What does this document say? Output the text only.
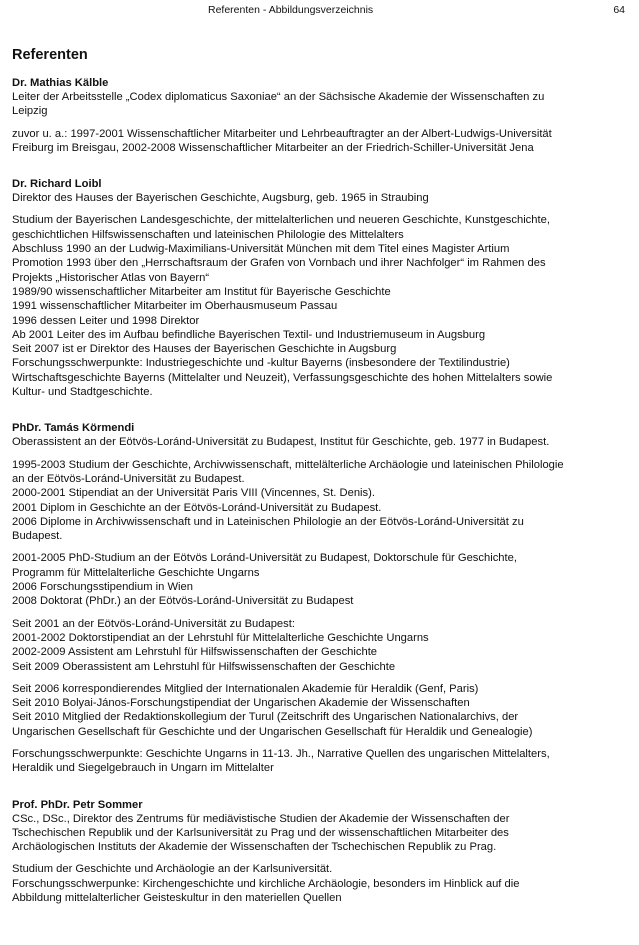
Referenten - Abbildungsverzeichnis	64
Referenten

Dr. Mathias Kälble

Leiter der Arbeitsstelle „Codex diplomaticus Saxoniae“ an der Sächsische Akademie der Wissenschaften zu
Leipzig

zuvor u. a.: 1997-2001 Wissenschaftlicher Mitarbeiter und Lehrbeauftragter an der Albert-Ludwigs-Universität
Freiburg im Breisgau, 2002-2008 Wissenschaftlicher Mitarbeiter an der Friedrich-Schiller-Universität Jena

Dr. Richard Loibl

Direktor des Hauses der Bayerischen Geschichte, Augsburg, geb. 1965 in Straubing

Studium der Bayerischen Landesgeschichte, der mittelalterlichen und neueren Geschichte, Kunstgeschichte,
geschichtlichen Hilfswissenschaften und lateinischen Philologie des Mittelalters
Abschluss 1990 an der Ludwig-Maximilians-Universität München mit dem Titel eines Magister Artium
Promotion 1993 über den „Herrschaftsraum der Grafen von Vornbach und ihrer Nachfolger“ im Rahmen des
Projekts „Historischer Atlas von Bayern“
1989/90 wissenschaftlicher Mitarbeiter am Institut für Bayerische Geschichte
1991 wissenschaftlicher Mitarbeiter im Oberhausmuseum Passau
1996 dessen Leiter und 1998 Direktor
Ab 2001 Leiter des im Aufbau befindliche Bayerischen Textil- und Industriemuseum in Augsburg
Seit 2007 ist er Direktor des Hauses der Bayerischen Geschichte in Augsburg
Forschungsschwerpunkte: Industriegeschichte und -kultur Bayerns (insbesondere der Textilindustrie)
Wirtschaftsgeschichte Bayerns (Mittelalter und Neuzeit), Verfassungsgeschichte des hohen Mittelalters sowie
Kultur- und Stadtgeschichte.

PhDr. Tamás Körmendi

Oberassistent an der Eötvös-Loránd-Universität zu Budapest, Institut für Geschichte, geb. 1977 in Budapest.

1995-2003 Studium der Geschichte, Archivwissenschaft, mittelälterliche Archäologie und lateinischen Philologie
an der Eötvös-Loránd-Universität zu Budapest.
2000-2001 Stipendiat an der Universität Paris VIII (Vincennes, St. Denis).
2001 Diplom in Geschichte an der Eötvös-Loránd-Universität zu Budapest.
2006 Diplome in Archivwissenschaft und in Lateinischen Philologie an der Eötvös-Loránd-Universität zu
Budapest.

2001-2005 PhD-Studium an der Eötvös Loránd-Universität zu Budapest, Doktorschule für Geschichte,
Programm für Mittelalterliche Geschichte Ungarns
2006 Forschungsstipendium in Wien
2008 Doktorat (PhDr.) an der Eötvös-Loránd-Universität zu Budapest

Seit 2001 an der Eötvös-Loránd-Universität zu Budapest:
2001-2002 Doktorstipendiat an der Lehrstuhl für Mittelalterliche Geschichte Ungarns
2002-2009 Assistent am Lehrstuhl für Hilfswissenschaften der Geschichte
Seit 2009 Oberassistent am Lehrstuhl für Hilfswissenschaften der Geschichte

Seit 2006 korrespondierendes Mitglied der Internationalen Akademie für Heraldik (Genf, Paris)
Seit 2010 Bolyai-János-Forschungstipendiat der Ungarischen Akademie der Wissenschaften
Seit 2010 Mitglied der Redaktionskollegium der Turul (Zeitschrift des Ungarischen Nationalarchivs, der
Ungarischen Gesellschaft für Geschichte und der Ungarischen Gesellschaft für Heraldik und Genealogie)

Forschungsschwerpunkte: Geschichte Ungarns in 11-13. Jh., Narrative Quellen des ungarischen Mittelalters,
Heraldik und Siegelgebrauch in Ungarn im Mittelalter

Prof. PhDr. Petr Sommer

CSc., DSc., Direktor des Zentrums für mediävistische Studien der Akademie der Wissenschaften der
Tschechischen Republik und der Karlsuniversität zu Prag und der wissenschaftlichen Mitarbeiter des
Archäologischen Instituts der Akademie der Wissenschaften der Tschechischen Republik zu Prag.

Studium der Geschichte und Archäologie an der Karlsuniversität.
Forschungsschwerpunke: Kirchengeschichte und kirchliche Archäologie, besonders im Hinblick auf die
Abbildung mittelalterlicher Geisteskultur in den materiellen Quellen
